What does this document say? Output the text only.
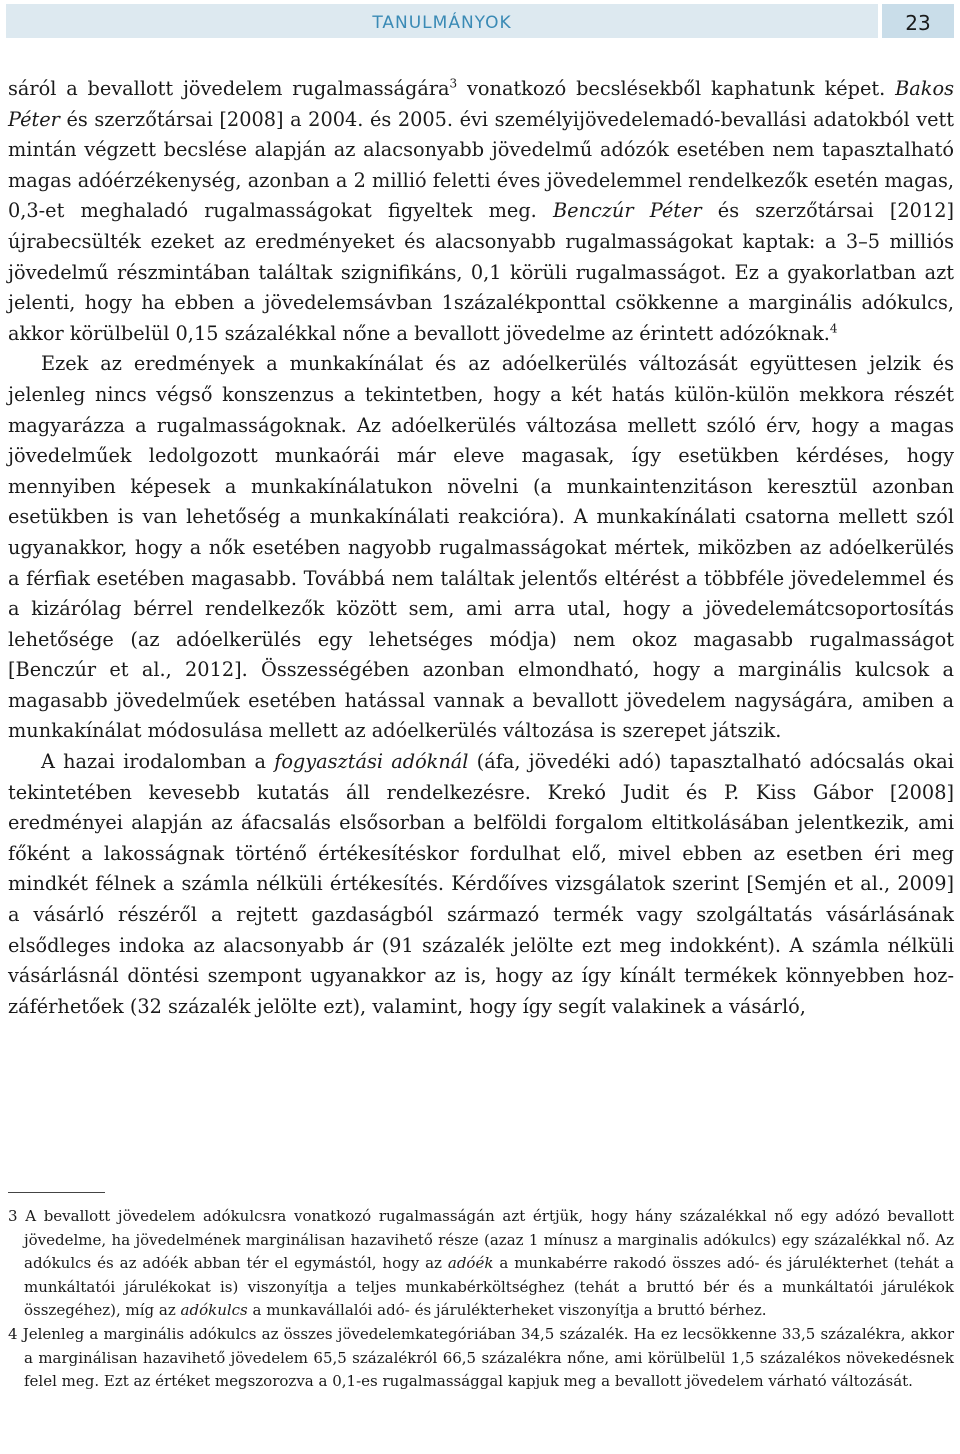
TANULMÁNYOK	23

sáról a bevallott jövedelem rugalmasságára$^3$ vonatkozó becslésekből kaphatunk képet. Bakos Péter és szerzőtársai [2008] a 2004. és 2005. évi személyijövedelemadó-bevallási adatokból vett mintán végzett becslése alapján az alacsonyabb jövedelmű adózók esetében nem tapasztalható magas adóérzékenység, azonban a 2 millió feletti éves jövedelemmel rendelkezők esetén magas, 0,3-et meghaladó rugalmasságokat figyeltek meg. Benczúr Péter és szerzőtársai [2012] újrabecsülték ezeket az eredményeket és alacsonyabb rugalmasságokat kaptak: a 3–5 milliós jövedelmű részmintában találtak szignifikáns, 0,1 körüli rugalmasságot. Ez a gyakorlatban azt jelenti, hogy ha ebben a jövedelemsávban 1százalékponttal csökkenne a marginális adókulcs, akkor körülbelül 0,15 százalékkal nőne a bevallott jövedelme az érintett adózóknak.$^4$

Ezek az eredmények a munkakínálat és az adóelkerülés változását együttesen jelzik és jelenleg nincs végső konszenzus a tekintetben, hogy a két hatás külön-külön mekkora részét magyarázza a rugalmasságoknak. Az adóelkerülés változása mellett szóló érv, hogy a magas jövedelműek ledolgozott munkaórái már eleve magasak, így esetükben kérdéses, hogy mennyiben képesek a munkakínálatukon növelni (a munkaintenzitáson keresztül azonban esetükben is van lehetőség a munkakínálati reakcióra). A munkakínálati csatorna mellett szól ugyanakkor, hogy a nők esetében nagyobb rugalmasságokat mértek, miközben az adóelkerülés a férfiak esetében magasabb. Továbbá nem találtak jelentős eltérést a többféle jövedelemmel és a kizárólag bérrel rendelkezők között sem, ami arra utal, hogy a jövedelemátcsoportosítás lehetősége (az adóelkerülés egy lehetséges módja) nem okoz magasabb rugalmasságot [Benczúr et al., 2012]. Összességében azonban elmondható, hogy a marginális kulcsok a magasabb jövedelműek esetében hatással vannak a bevallott jövedelem nagyságára, amiben a munkakínálat módosulása mellett az adóelkerülés változása is szerepet játszik.

A hazai irodalomban a fogyasztási adóknál (áfa, jövedéki adó) tapasztalható adócsalás okai tekintetében kevesebb kutatás áll rendelkezésre. Krekó Judit és P. Kiss Gábor [2008] eredményei alapján az áfacsalás elsősorban a belföldi forgalom eltitkolásában jelentkezik, ami főként a lakosságnak történő értékesítéskor fordulhat elő, mivel ebben az esetben éri meg mindkét félnek a számla nélküli értékesítés. Kérdőíves vizsgálatok szerint [Semjén et al., 2009] a vásárló részéről a rejtett gazdaságból származó termék vagy szolgáltatás vásárlásának elsődleges indoka az alacsonyabb ár (91 százalék jelölte ezt meg indokként). A számla nélküli vásárlásnál döntési szempont ugyanakkor az is, hogy az így kínált termékek könnyebben hozzáférhetőek (32 százalék jelölte ezt), valamint, hogy így segít valakinek a vásárló,

3 A bevallott jövedelem adókulcsra vonatkozó rugalmasságán azt értjük, hogy hány százalékkal nő egy adózó bevallott jövedelme, ha jövedelmének marginálisan hazavihető része (azaz 1 mínusz a marginalis adókulcs) egy százalékkal nő. Az adókulcs és az adóék abban tér el egymástól, hogy az adóék a munkabérre rakodó összes adó- és járulékterhet (tehát a munkáltatói járulékokat is) viszonyítja a teljes munkabérköltséghez (tehát a bruttó bér és a munkáltatói járulékok összegéhez), míg az adókulcs a munkavállalói adó- és járulékterheket viszonyítja a bruttó bérhez.

4 Jelenleg a marginális adókulcs az összes jövedelemkategóriában 34,5 százalék. Ha ez lecsökkenne 33,5 százalékra, akkor a marginálisan hazavihető jövedelem 65,5 százalékról 66,5 százalékra nőne, ami körülbelül 1,5 százalékos növekedésnek felel meg. Ezt az értéket megszorozva a 0,1-es rugalmassággal kapjuk meg a bevallott jövedelem várható változását.
